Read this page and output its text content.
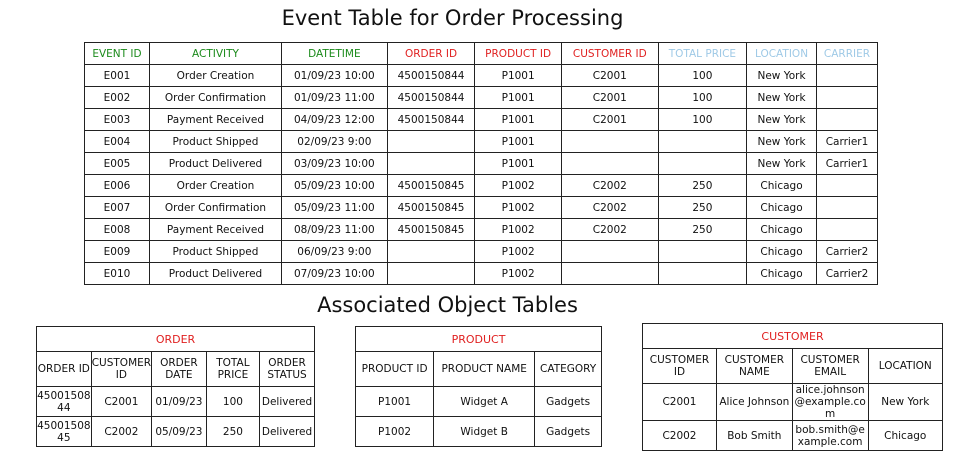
Event Table for Order Processing
EVENT ID	ACTIVITY	DATETIME	ORDER ID	PRODUCT ID	CUSTOMER ID	TOTAL PRICE	LOCATION	CARRIER
E001	Order Creation	01/09/23 10:00	4500150844	P1001	C2001	100	New York	
E002	Order Confirmation	01/09/23 11:00	4500150844	P1001	C2001	100	New York	
E003	Payment Received	04/09/23 12:00	4500150844	P1001	C2001	100	New York	
E004	Product Shipped	02/09/23 9:00		P1001			New York	Carrier1
E005	Product Delivered	03/09/23 10:00		P1001			New York	Carrier1
E006	Order Creation	05/09/23 10:00	4500150845	P1002	C2002	250	Chicago	
E007	Order Confirmation	05/09/23 11:00	4500150845	P1002	C2002	250	Chicago	
E008	Payment Received	08/09/23 11:00	4500150845	P1002	C2002	250	Chicago	
E009	Product Shipped	06/09/23 9:00		P1002			Chicago	Carrier2
E010	Product Delivered	07/09/23 10:00		P1002			Chicago	Carrier2
Associated Object Tables
ORDER				
ORDER ID	CUSTOMER ID	ORDER DATE	TOTAL PRICE	ORDER STATUS
4500150844	C2001	01/09/23	100	Delivered
4500150845	C2002	05/09/23	250	Delivered
PRODUCT		
PRODUCT ID	PRODUCT NAME	CATEGORY
P1001	Widget A	Gadgets
P1002	Widget B	Gadgets
CUSTOMER			
CUSTOMER ID	CUSTOMER NAME	CUSTOMER EMAIL	LOCATION
C2001	Alice Johnson	alice.johnson@example.com	New York
C2002	Bob Smith	bob.smith@example.com	Chicago
